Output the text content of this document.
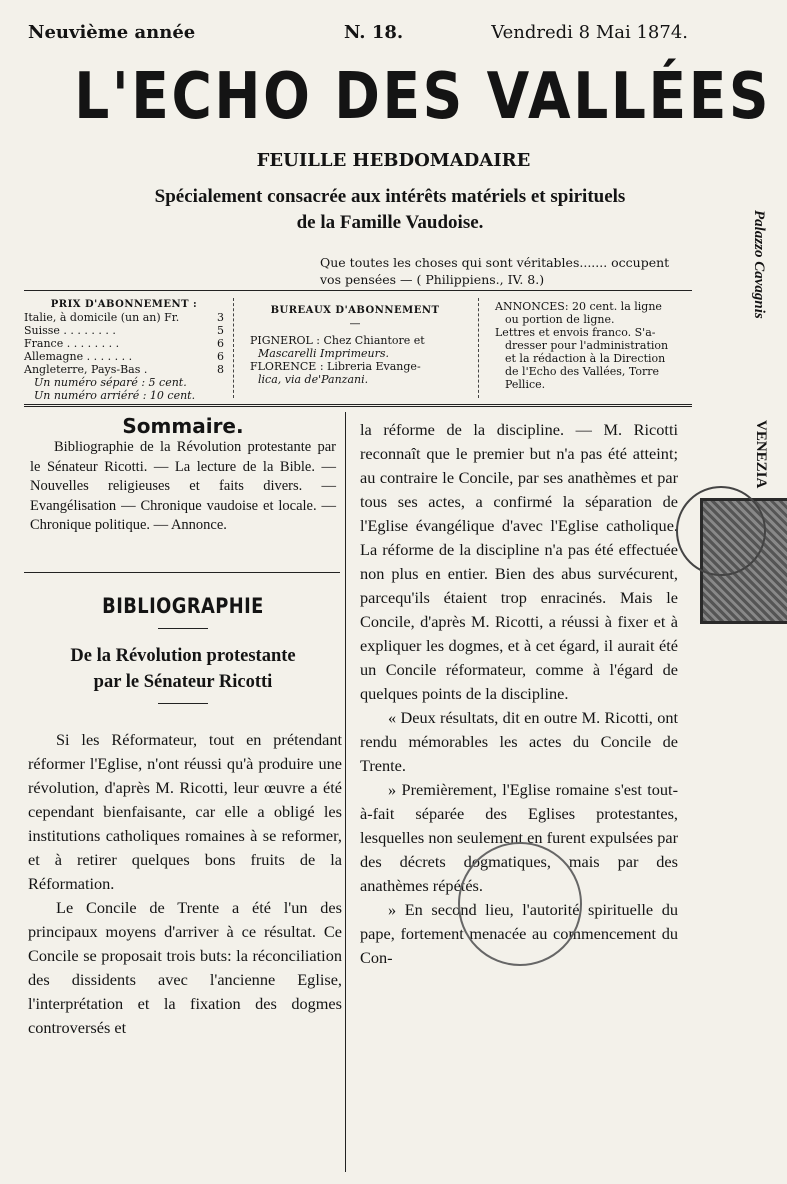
Neuvième année	N. 18.	Vendredi 8 Mai 1874.
L'ECHO DES VALLÉES
FEUILLE HEBDOMADAIRE
Spécialement consacrée aux intérêts matériels et spirituels
de la Famille Vaudoise.
Que toutes les choses qui sont véritables....... occupent
vos pensées — ( Philippiens., IV. 8.)
PRIX D'ABONNEMENT :
Italie, à domicile (un an) Fr.	3
Suisse . . . . . . . .	5
France . . . . . . . .	6
Allemagne . . . . . . .	6
Angleterre, Pays-Bas .	8
Un numéro séparé : 5 cent.
Un numéro arriéré : 10 cent.
BUREAUX D'ABONNEMENT
—
PIGNEROL : Chez Chiantore et
Mascarelli Imprimeurs.
FLORENCE : Libreria Evange-
lica, via de'Panzani.
ANNONCES: 20 cent. la ligne
ou portion de ligne.
Lettres et envois franco. S'a-
dresser pour l'administration
et la rédaction à la Direction
de l'Echo des Vallées, Torre
Pellice.
Sommaire.
Bibliographie de la Révolution protestante par le Sénateur Ricotti. — La lecture de la Bible. — Nouvelles religieuses et faits divers. — Evangélisation — Chronique vaudoise et locale. — Chronique politique. — Annonce.
BIBLIOGRAPHIE
De la Révolution protestante
par le Sénateur Ricotti

Si les Réformateur, tout en prétendant réformer l'Eglise, n'ont réussi qu'à produire une révolution, d'après M. Ricotti, leur œuvre a été cependant bienfaisante, car elle a obligé les institutions catholiques romaines à se reformer, et à retirer quelques bons fruits de la Réformation.

Le Concile de Trente a été l'un des principaux moyens d'arriver à ce résultat. Ce Concile se proposait trois buts: la réconciliation des dissidents avec l'ancienne Eglise, l'interprétation et la fixation des dogmes controversés et

la réforme de la discipline. — M. Ricotti reconnaît que le premier but n'a pas été atteint; au contraire le Concile, par ses anathèmes et par tous ses actes, a confirmé la séparation de l'Eglise évangélique d'avec l'Eglise catholique. La réforme de la discipline n'a pas été effectuée non plus en entier. Bien des abus survécurent, parcequ'ils étaient trop enracinés. Mais le Concile, d'après M. Ricotti, a réussi à fixer et à expliquer les dogmes, et à cet égard, il aurait été un Concile réformateur, comme à l'égard de quelques points de la discipline.

« Deux résultats, dit en outre M. Ricotti, ont rendu mémorables les actes du Concile de Trente.

» Premièrement, l'Eglise romaine s'est tout-à-fait séparée des Eglises protestantes, lesquelles non seulement en furent expulsées par des décrets dogmatiques, mais par des anathèmes répétés.

» En second lieu, l'autorité spirituelle du pape, fortement menacée au commencement du Con-

Palazzo Cavagnis
VENEZIA
